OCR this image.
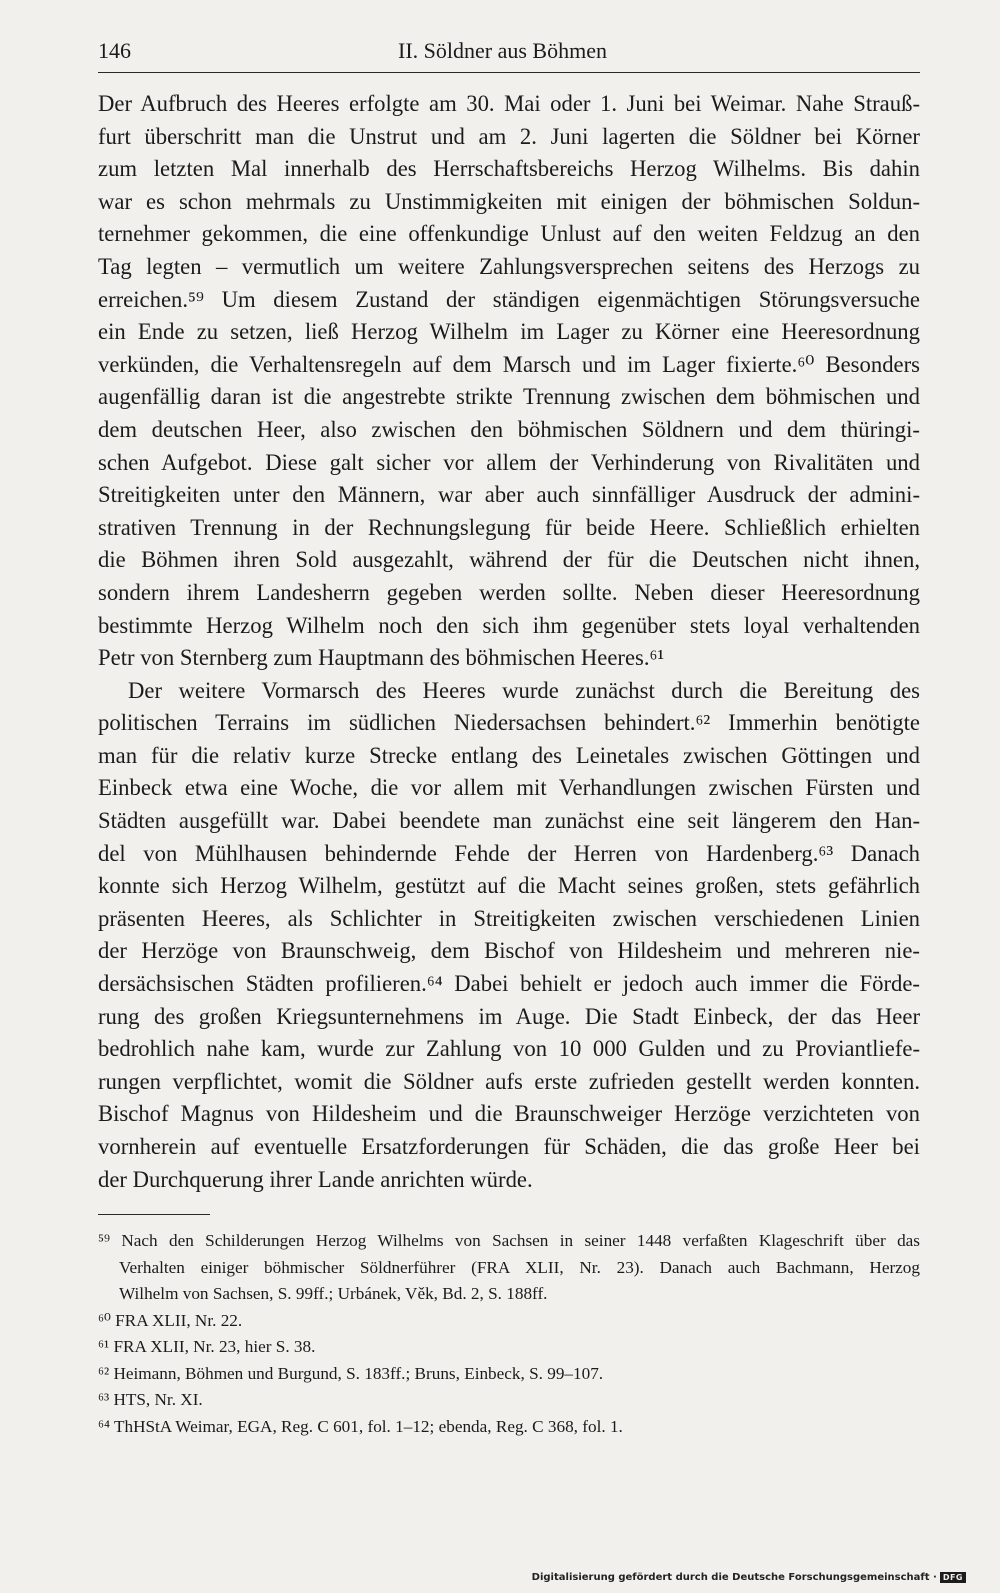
146	II. Söldner aus Böhmen
Der Aufbruch des Heeres erfolgte am 30. Mai oder 1. Juni bei Weimar. Nahe Strauß-
furt überschritt man die Unstrut und am 2. Juni lagerten die Söldner bei Körner
zum letzten Mal innerhalb des Herrschaftsbereichs Herzog Wilhelms. Bis dahin
war es schon mehrmals zu Unstimmigkeiten mit einigen der böhmischen Soldun-
ternehmer gekommen, die eine offenkundige Unlust auf den weiten Feldzug an den
Tag legten – vermutlich um weitere Zahlungsversprechen seitens des Herzogs zu
erreichen.⁵⁹ Um diesem Zustand der ständigen eigenmächtigen Störungsversuche
ein Ende zu setzen, ließ Herzog Wilhelm im Lager zu Körner eine Heeresordnung
verkünden, die Verhaltensregeln auf dem Marsch und im Lager fixierte.⁶⁰ Besonders
augenfällig daran ist die angestrebte strikte Trennung zwischen dem böhmischen und
dem deutschen Heer, also zwischen den böhmischen Söldnern und dem thüringi-
schen Aufgebot. Diese galt sicher vor allem der Verhinderung von Rivalitäten und
Streitigkeiten unter den Männern, war aber auch sinnfälliger Ausdruck der admini-
strativen Trennung in der Rechnungslegung für beide Heere. Schließlich erhielten
die Böhmen ihren Sold ausgezahlt, während der für die Deutschen nicht ihnen,
sondern ihrem Landesherrn gegeben werden sollte. Neben dieser Heeresordnung
bestimmte Herzog Wilhelm noch den sich ihm gegenüber stets loyal verhaltenden
Petr von Sternberg zum Hauptmann des böhmischen Heeres.⁶¹
Der weitere Vormarsch des Heeres wurde zunächst durch die Bereitung des
politischen Terrains im südlichen Niedersachsen behindert.⁶² Immerhin benötigte
man für die relativ kurze Strecke entlang des Leinetales zwischen Göttingen und
Einbeck etwa eine Woche, die vor allem mit Verhandlungen zwischen Fürsten und
Städten ausgefüllt war. Dabei beendete man zunächst eine seit längerem den Han-
del von Mühlhausen behindernde Fehde der Herren von Hardenberg.⁶³ Danach
konnte sich Herzog Wilhelm, gestützt auf die Macht seines großen, stets gefährlich
präsenten Heeres, als Schlichter in Streitigkeiten zwischen verschiedenen Linien
der Herzöge von Braunschweig, dem Bischof von Hildesheim und mehreren nie-
dersächsischen Städten profilieren.⁶⁴ Dabei behielt er jedoch auch immer die Förde-
rung des großen Kriegsunternehmens im Auge. Die Stadt Einbeck, der das Heer
bedrohlich nahe kam, wurde zur Zahlung von 10 000 Gulden und zu Proviantliefe-
rungen verpflichtet, womit die Söldner aufs erste zufrieden gestellt werden konnten.
Bischof Magnus von Hildesheim und die Braunschweiger Herzöge verzichteten von
vornherein auf eventuelle Ersatzforderungen für Schäden, die das große Heer bei
der Durchquerung ihrer Lande anrichten würde.
⁵⁹ Nach den Schilderungen Herzog Wilhelms von Sachsen in seiner 1448 verfaßten Klageschrift über das
Verhalten einiger böhmischer Söldnerführer (FRA XLII, Nr. 23). Danach auch Bachmann, Herzog
Wilhelm von Sachsen, S. 99ff.; Urbánek, Věk, Bd. 2, S. 188ff.
⁶⁰ FRA XLII, Nr. 22.
⁶¹ FRA XLII, Nr. 23, hier S. 38.
⁶² Heimann, Böhmen und Burgund, S. 183ff.; Bruns, Einbeck, S. 99–107.
⁶³ HTS, Nr. XI.
⁶⁴ ThHStA Weimar, EGA, Reg. C 601, fol. 1–12; ebenda, Reg. C 368, fol. 1.
Digitalisierung gefördert durch die Deutsche Forschungsgemeinschaft · DFG
